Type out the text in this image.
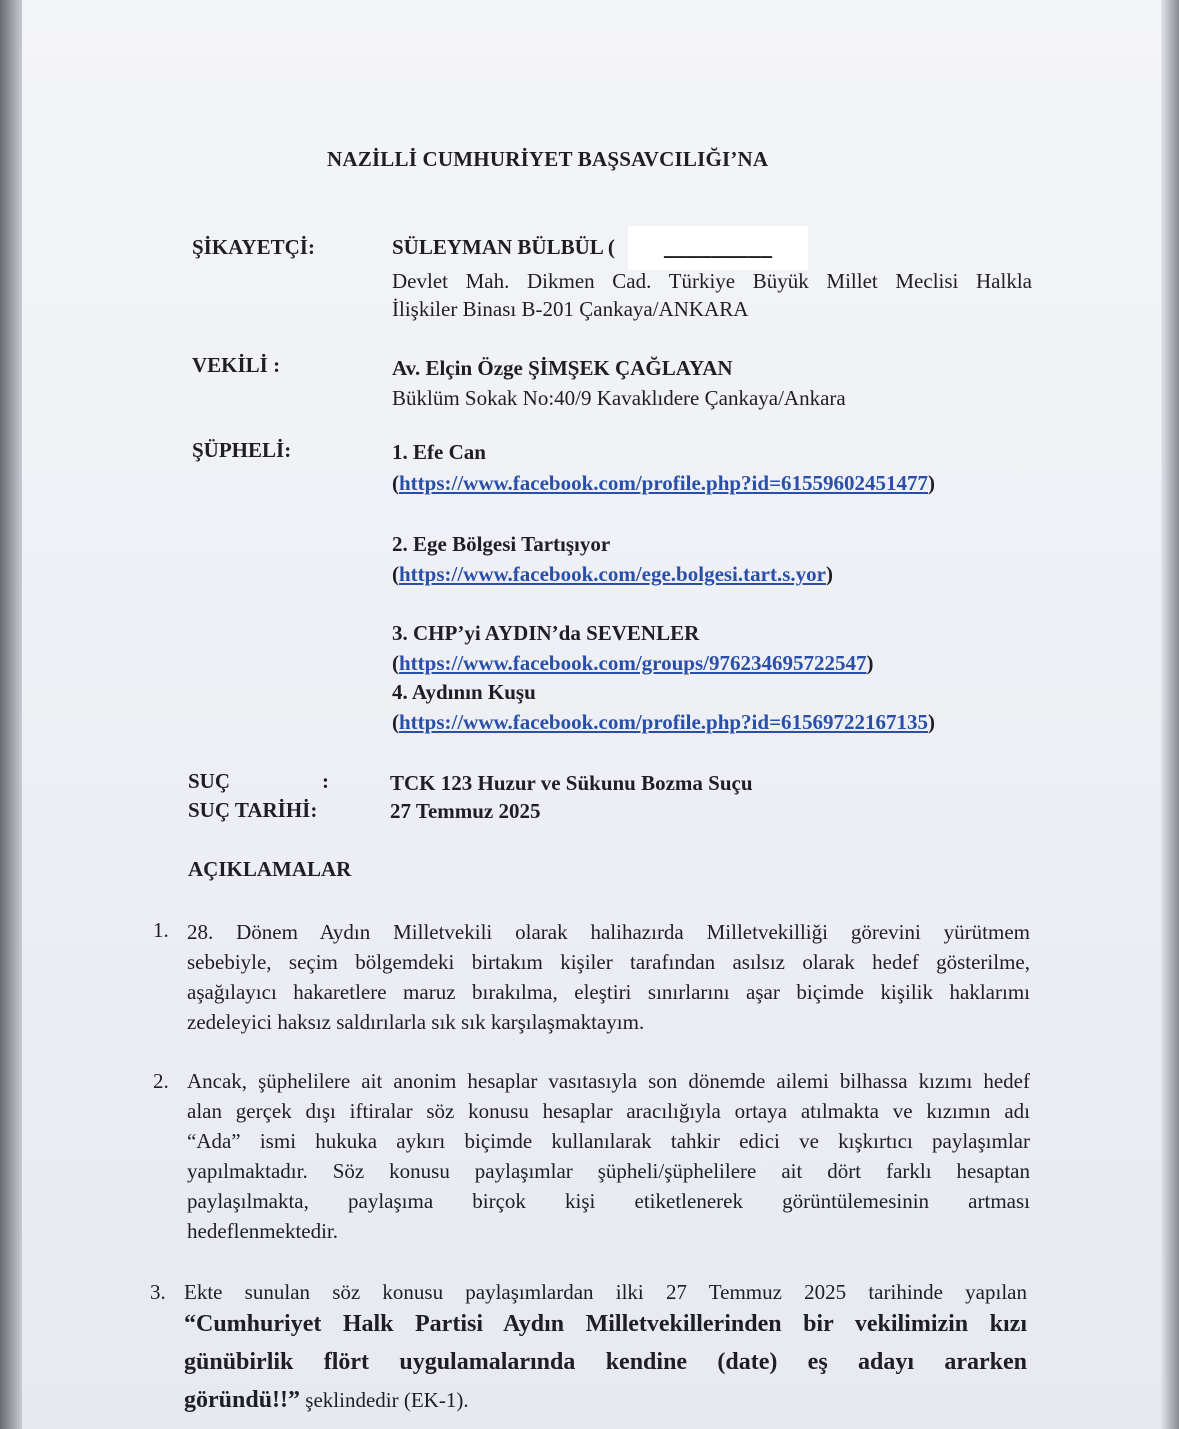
NAZİLLİ CUMHURİYET BAŞSAVCILIĞI’NA
ŞİKAYETÇİ:	SÜLEYMAN BÜLBÜL (	_________
Devlet Mah. Dikmen Cad. Türkiye Büyük Millet Meclisi Halkla
İlişkiler Binası B-201 Çankaya/ANKARA
VEKİLİ :	Av. Elçin Özge ŞİMŞEK ÇAĞLAYAN
Büklüm Sokak No:40/9 Kavaklıdere Çankaya/Ankara
ŞÜPHELİ:	1. Efe Can
(https://www.facebook.com/profile.php?id=61559602451477)
2. Ege Bölgesi Tartışıyor
(https://www.facebook.com/ege.bolgesi.tart.s.yor)
3. CHP’yi AYDIN’da SEVENLER
(https://www.facebook.com/groups/976234695722547)
4. Aydının Kuşu
(https://www.facebook.com/profile.php?id=61569722167135)
SUÇ	:	TCK 123 Huzur ve Sükunu Bozma Suçu
SUÇ TARİHİ:	27 Temmuz 2025
AÇIKLAMALAR
1. 28. Dönem Aydın Milletvekili olarak halihazırda Milletvekilliği görevini yürütmem
sebebiyle, seçim bölgemdeki birtakım kişiler tarafından asılsız olarak hedef gösterilme,
aşağılayıcı hakaretlere maruz bırakılma, eleştiri sınırlarını aşar biçimde kişilik haklarımı
zedeleyici haksız saldırılarla sık sık karşılaşmaktayım.
2. Ancak, şüphelilere ait anonim hesaplar vasıtasıyla son dönemde ailemi bilhassa kızımı hedef
alan gerçek dışı iftiralar söz konusu hesaplar aracılığıyla ortaya atılmakta ve kızımın adı
“Ada” ismi hukuka aykırı biçimde kullanılarak tahkir edici ve kışkırtıcı paylaşımlar
yapılmaktadır. Söz konusu paylaşımlar şüpheli/şüphelilere ait dört farklı hesaptan
paylaşılmakta, paylaşıma birçok kişi etiketlenerek görüntülemesinin artması
hedeflenmektedir.
3. Ekte sunulan söz konusu paylaşımlardan ilki 27 Temmuz 2025 tarihinde yapılan
“Cumhuriyet Halk Partisi Aydın Milletvekillerinden bir vekilimizin kızı
günübirlik flört uygulamalarında kendine (date) eş adayı ararken
göründü!!” şeklindedir (EK-1).
